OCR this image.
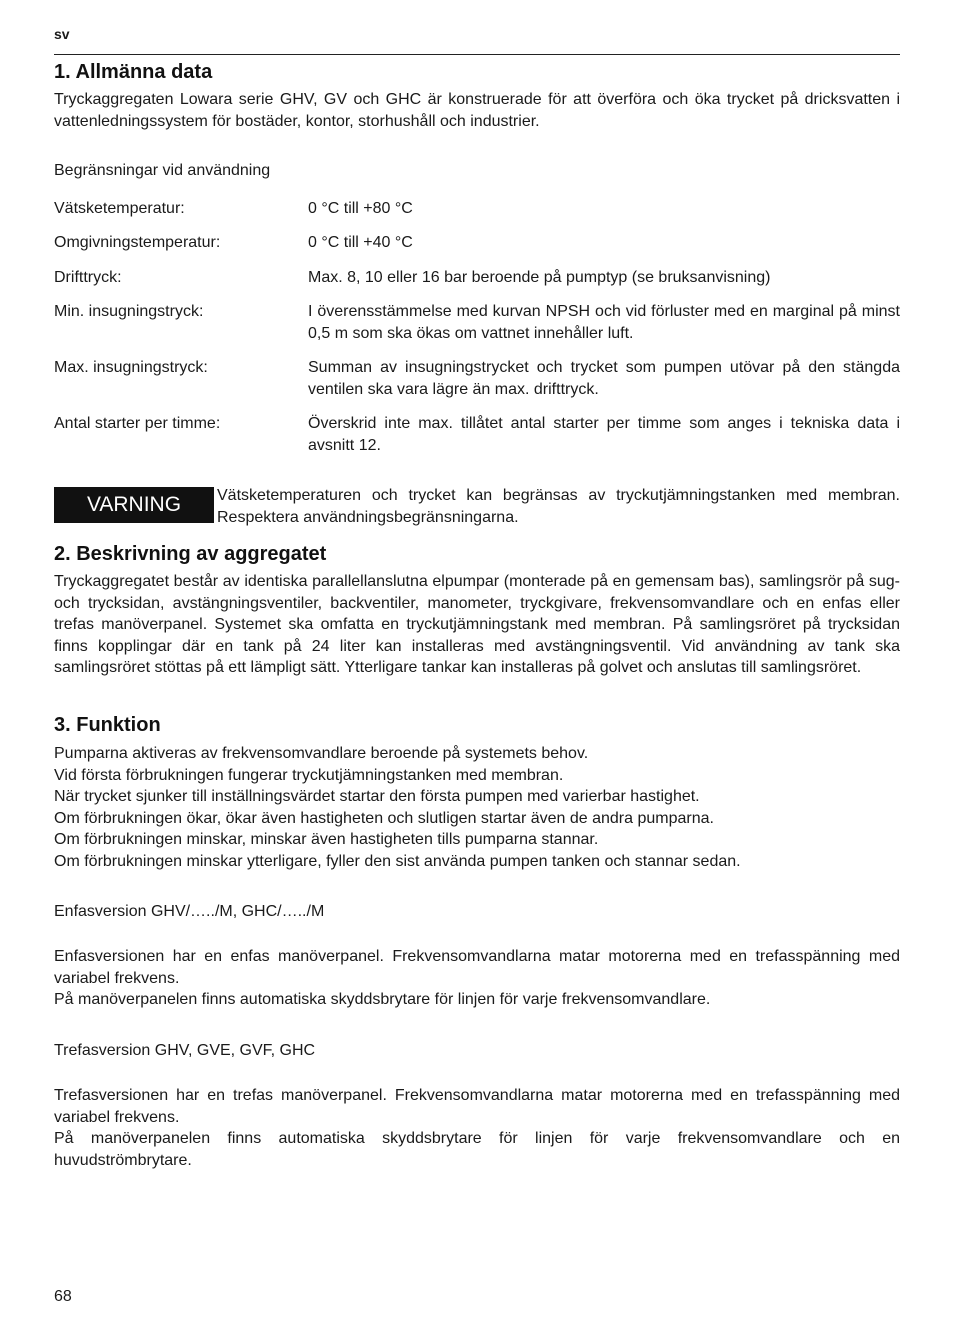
sv
1. Allmänna data

Tryckaggregaten Lowara serie GHV, GV och GHC är konstruerade för att överföra och öka trycket på dricksvatten i vattenledningssystem för bostäder, kontor, storhushåll och industrier.

Begränsningar vid användning
Vätsketemperatur:	0 °C till +80 °C
Omgivningstemperatur:	0 °C till +40 °C
Drifttryck:	Max. 8, 10 eller 16 bar beroende på pumptyp (se bruksanvisning)
Min. insugningstryck:	I överensstämmelse med kurvan NPSH och vid förluster med en marginal på minst 0,5 m som ska ökas om vattnet innehåller luft.
Max. insugningstryck:	Summan av insugningstrycket och trycket som pumpen utövar på den stängda ventilen ska vara lägre än max. drifttryck.
Antal starter per timme:	Överskrid inte max. tillåtet antal starter per timme som anges i tekniska data i avsnitt 12.
VARNING	Vätsketemperaturen och trycket kan begränsas av tryckutjämningstanken med membran. Respektera användningsbegränsningarna.

2. Beskrivning av aggregatet

Tryckaggregatet består av identiska parallellanslutna elpumpar (monterade på en gemensam bas), samlingsrör på sug- och trycksidan, avstängningsventiler, backventiler, manometer, tryckgivare, frekvensomvandlare och en enfas eller trefas manöverpanel. Systemet ska omfatta en tryckutjämningstank med membran. På samlingsröret på trycksidan finns kopplingar där en tank på 24 liter kan installeras med avstängningsventil. Vid användning av tank ska samlingsröret stöttas på ett lämpligt sätt. Ytterligare tankar kan installeras på golvet och anslutas till samlingsröret.

3. Funktion

Pumparna aktiveras av frekvensomvandlare beroende på systemets behov.

Vid första förbrukningen fungerar tryckutjämningstanken med membran.

När trycket sjunker till inställningsvärdet startar den första pumpen med varierbar hastighet.

Om förbrukningen ökar, ökar även hastigheten och slutligen startar även de andra pumparna.

Om förbrukningen minskar, minskar även hastigheten tills pumparna stannar.

Om förbrukningen minskar ytterligare, fyller den sist använda pumpen tanken och stannar sedan.

Enfasversion GHV/…../M, GHC/…../M

Enfasversionen har en enfas manöverpanel. Frekvensomvandlarna matar motorerna med en trefasspänning med variabel frekvens.

På manöverpanelen finns automatiska skyddsbrytare för linjen för varje frekvensomvandlare.

Trefasversion GHV, GVE, GVF, GHC

Trefasversionen har en trefas manöverpanel. Frekvensomvandlarna matar motorerna med en trefasspänning med variabel frekvens.

På manöverpanelen finns automatiska skyddsbrytare för linjen för varje frekvensomvandlare och en huvudströmbrytare.

68
